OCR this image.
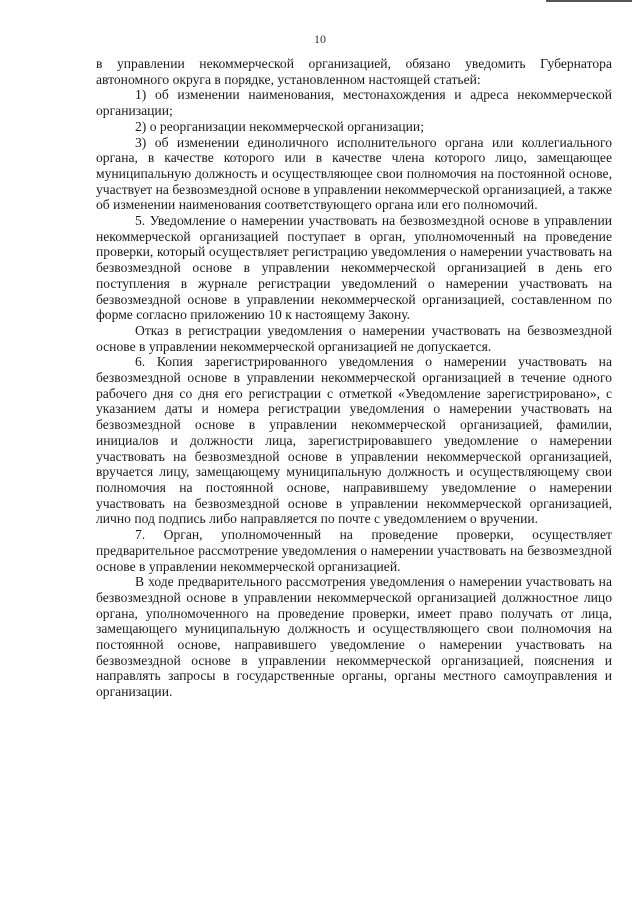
10

в управлении некоммерческой организацией, обязано уведомить Губернатора автономного округа в порядке, установленном настоящей статьей:

1) об изменении наименования, местонахождения и адреса некоммерческой организации;

2) о реорганизации некоммерческой организации;

3) об изменении единоличного исполнительного органа или коллегиального органа, в качестве которого или в качестве члена которого лицо, замещающее муниципальную должность и осуществляющее свои полномочия на постоянной основе, участвует на безвозмездной основе в управлении некоммерческой организацией, а также об изменении наименования соответствующего органа или его полномочий.

5. Уведомление о намерении участвовать на безвозмездной основе в управлении некоммерческой организацией поступает в орган, уполномоченный на проведение проверки, который осуществляет регистрацию уведомления о намерении участвовать на безвозмездной основе в управлении некоммерческой организацией в день его поступления в журнале регистрации уведомлений о намерении участвовать на безвозмездной основе в управлении некоммерческой организацией, составленном по форме согласно приложению 10 к настоящему Закону.

Отказ в регистрации уведомления о намерении участвовать на безвозмездной основе в управлении некоммерческой организацией не допускается.

6. Копия зарегистрированного уведомления о намерении участвовать на безвозмездной основе в управлении некоммерческой организацией в течение одного рабочего дня со дня его регистрации с отметкой «Уведомление зарегистрировано», с указанием даты и номера регистрации уведомления о намерении участвовать на безвозмездной основе в управлении некоммерческой организацией, фамилии, инициалов и должности лица, зарегистрировавшего уведомление о намерении участвовать на безвозмездной основе в управлении некоммерческой организацией, вручается лицу, замещающему муниципальную должность и осуществляющему свои полномочия на постоянной основе, направившему уведомление о намерении участвовать на безвозмездной основе в управлении некоммерческой организацией, лично под подпись либо направляется по почте с уведомлением о вручении.

7. Орган, уполномоченный на проведение проверки, осуществляет предварительное рассмотрение уведомления о намерении участвовать на безвозмездной основе в управлении некоммерческой организацией.

В ходе предварительного рассмотрения уведомления о намерении участвовать на безвозмездной основе в управлении некоммерческой организацией должностное лицо органа, уполномоченного на проведение проверки, имеет право получать от лица, замещающего муниципальную должность и осуществляющего свои полномочия на постоянной основе, направившего уведомление о намерении участвовать на безвозмездной основе в управлении некоммерческой организацией, пояснения и направлять запросы в государственные органы, органы местного самоуправления и организации.
